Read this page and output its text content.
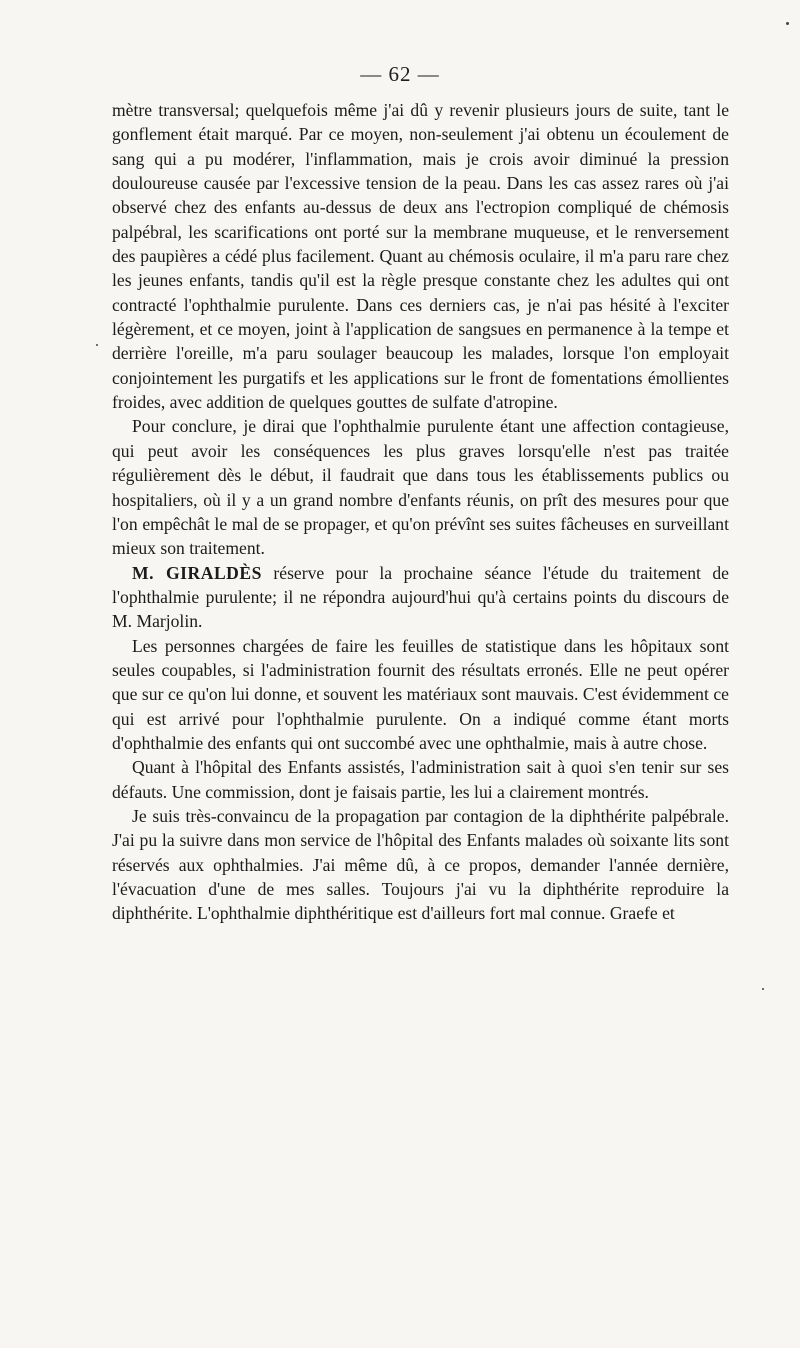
— 62 —

mètre transversal; quelquefois même j'ai dû y revenir plusieurs jours de suite, tant le gonflement était marqué. Par ce moyen, non-seulement j'ai obtenu un écoulement de sang qui a pu modérer, l'inflammation, mais je crois avoir diminué la pression douloureuse causée par l'excessive tension de la peau. Dans les cas assez rares où j'ai observé chez des enfants au-dessus de deux ans l'ectropion compliqué de chémosis palpébral, les scarifications ont porté sur la membrane muqueuse, et le renversement des paupières a cédé plus facilement. Quant au chémosis oculaire, il m'a paru rare chez les jeunes enfants, tandis qu'il est la règle presque constante chez les adultes qui ont contracté l'ophthalmie purulente. Dans ces derniers cas, je n'ai pas hésité à l'exciter légèrement, et ce moyen, joint à l'application de sangsues en permanence à la tempe et derrière l'oreille, m'a paru soulager beaucoup les malades, lorsque l'on employait conjointement les purgatifs et les applications sur le front de fomentations émollientes froides, avec addition de quelques gouttes de sulfate d'atropine.

Pour conclure, je dirai que l'ophthalmie purulente étant une affection contagieuse, qui peut avoir les conséquences les plus graves lorsqu'elle n'est pas traitée régulièrement dès le début, il faudrait que dans tous les établissements publics ou hospitaliers, où il y a un grand nombre d'enfants réunis, on prît des mesures pour que l'on empêchât le mal de se propager, et qu'on prévînt ses suites fâcheuses en surveillant mieux son traitement.

M. GIRALDÈS réserve pour la prochaine séance l'étude du traitement de l'ophthalmie purulente; il ne répondra aujourd'hui qu'à certains points du discours de M. Marjolin.

Les personnes chargées de faire les feuilles de statistique dans les hôpitaux sont seules coupables, si l'administration fournit des résultats erronés. Elle ne peut opérer que sur ce qu'on lui donne, et souvent les matériaux sont mauvais. C'est évidemment ce qui est arrivé pour l'ophthalmie purulente. On a indiqué comme étant morts d'ophthalmie des enfants qui ont succombé avec une ophthalmie, mais à autre chose.

Quant à l'hôpital des Enfants assistés, l'administration sait à quoi s'en tenir sur ses défauts. Une commission, dont je faisais partie, les lui a clairement montrés.

Je suis très-convaincu de la propagation par contagion de la diphthérite palpébrale. J'ai pu la suivre dans mon service de l'hôpital des Enfants malades où soixante lits sont réservés aux ophthalmies. J'ai même dû, à ce propos, demander l'année dernière, l'évacuation d'une de mes salles. Toujours j'ai vu la diphthérite reproduire la diphthérite. L'ophthalmie diphthéritique est d'ailleurs fort mal connue. Graefe et
